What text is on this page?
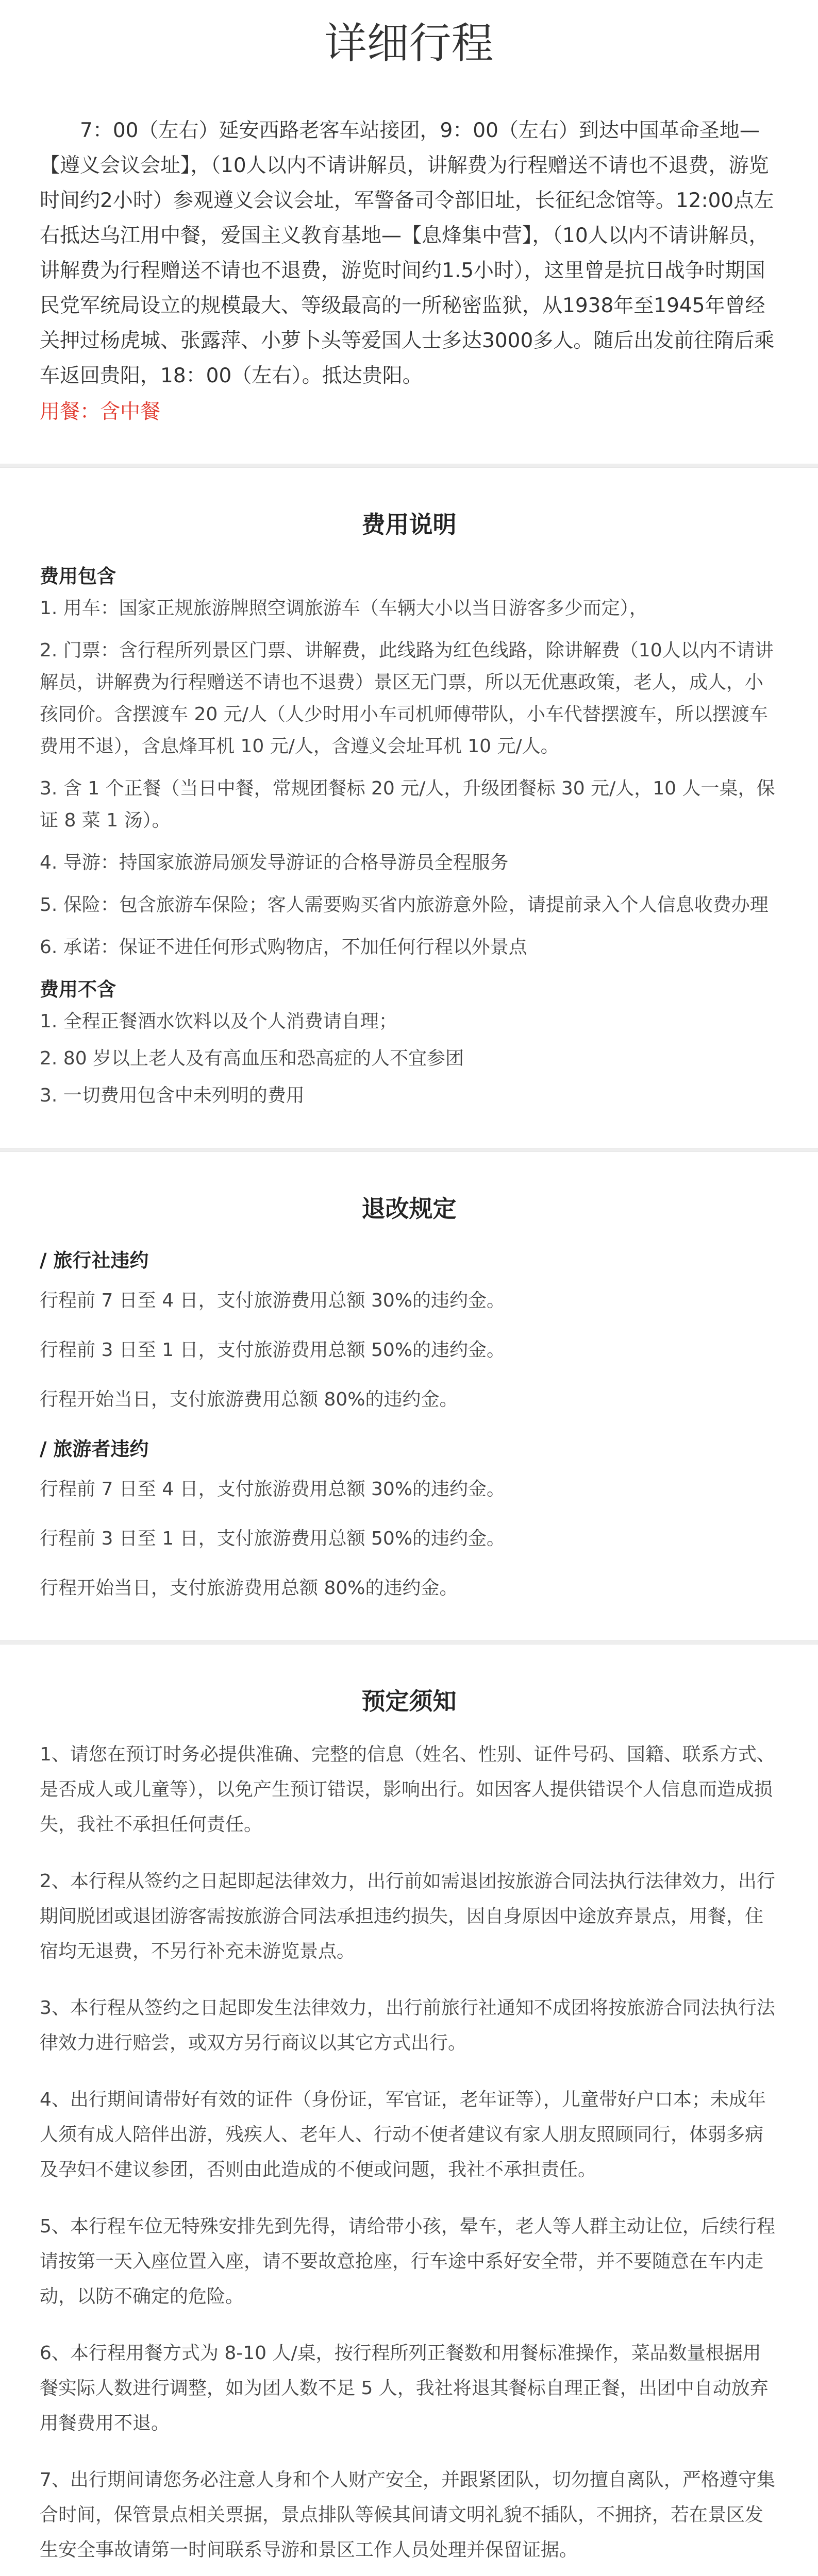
详细行程
7：00（左右）延安西路老客车站接团，9：00（左右）到达中国革命圣地—【遵义会议会址】，（10人以内不请讲解员，讲解费为行程赠送不请也不退费，游览时间约2小时）参观遵义会议会址，军警备司令部旧址，长征纪念馆等。12:00点左右抵达乌江用中餐，爱国主义教育基地—【息烽集中营】，（10人以内不请讲解员，讲解费为行程赠送不请也不退费，游览时间约1.5小时），这里曾是抗日战争时期国民党军统局设立的规模最大、等级最高的一所秘密监狱，从1938年至1945年曾经关押过杨虎城、张露萍、小萝卜头等爱国人士多达3000多人。随后出发前往隋后乘车返回贵阳，18：00（左右）。抵达贵阳。
用餐：含中餐
费用说明
费用包含
1. 用车：国家正规旅游牌照空调旅游车（车辆大小以当日游客多少而定），
2. 门票：含行程所列景区门票、讲解费，此线路为红色线路，除讲解费（10人以内不请讲解员，讲解费为行程赠送不请也不退费）景区无门票，所以无优惠政策，老人，成人，小孩同价。含摆渡车 20 元/人（人少时用小车司机师傅带队，小车代替摆渡车，所以摆渡车费用不退），含息烽耳机 10 元/人，含遵义会址耳机 10 元/人。
3. 含 1 个正餐（当日中餐，常规团餐标 20 元/人，升级团餐标 30 元/人，10 人一桌，保证 8 菜 1 汤）。
4. 导游：持国家旅游局颁发导游证的合格导游员全程服务
5. 保险：包含旅游车保险；客人需要购买省内旅游意外险，请提前录入个人信息收费办理
6. 承诺：保证不进任何形式购物店，不加任何行程以外景点
费用不含
1. 全程正餐酒水饮料以及个人消费请自理；
2. 80 岁以上老人及有高血压和恐高症的人不宜参团
3. 一切费用包含中未列明的费用
退改规定
/ 旅行社违约
行程前 7 日至 4 日，支付旅游费用总额 30%的违约金。
行程前 3 日至 1 日，支付旅游费用总额 50%的违约金。
行程开始当日，支付旅游费用总额 80%的违约金。
/ 旅游者违约
行程前 7 日至 4 日，支付旅游费用总额 30%的违约金。
行程前 3 日至 1 日，支付旅游费用总额 50%的违约金。
行程开始当日，支付旅游费用总额 80%的违约金。
预定须知
1、请您在预订时务必提供准确、完整的信息（姓名、性别、证件号码、国籍、联系方式、是否成人或儿童等），以免产生预订错误，影响出行。如因客人提供错误个人信息而造成损失，我社不承担任何责任。
2、本行程从签约之日起即起法律效力，出行前如需退团按旅游合同法执行法律效力，出行期间脱团或退团游客需按旅游合同法承担违约损失，因自身原因中途放弃景点，用餐，住宿均无退费，不另行补充未游览景点。
3、本行程从签约之日起即发生法律效力，出行前旅行社通知不成团将按旅游合同法执行法律效力进行赔尝，或双方另行商议以其它方式出行。
4、出行期间请带好有效的证件（身份证，军官证，老年证等），儿童带好户口本；未成年人须有成人陪伴出游，残疾人、老年人、行动不便者建议有家人朋友照顾同行，体弱多病及孕妇不建议参团，否则由此造成的不便或问题，我社不承担责任。
5、本行程车位无特殊安排先到先得，请给带小孩，晕车，老人等人群主动让位，后续行程请按第一天入座位置入座，请不要故意抢座，行车途中系好安全带，并不要随意在车内走动，以防不确定的危险。
6、本行程用餐方式为 8-10 人/桌，按行程所列正餐数和用餐标准操作，菜品数量根据用餐实际人数进行调整，如为团人数不足 5 人，我社将退其餐标自理正餐，出团中自动放弃用餐费用不退。
7、出行期间请您务必注意人身和个人财产安全，并跟紧团队，切勿擅自离队，严格遵守集合时间，保管景点相关票据，景点排队等候其间请文明礼貌不插队，不拥挤，若在景区发生安全事故请第一时间联系导游和景区工作人员处理并保留证据。
